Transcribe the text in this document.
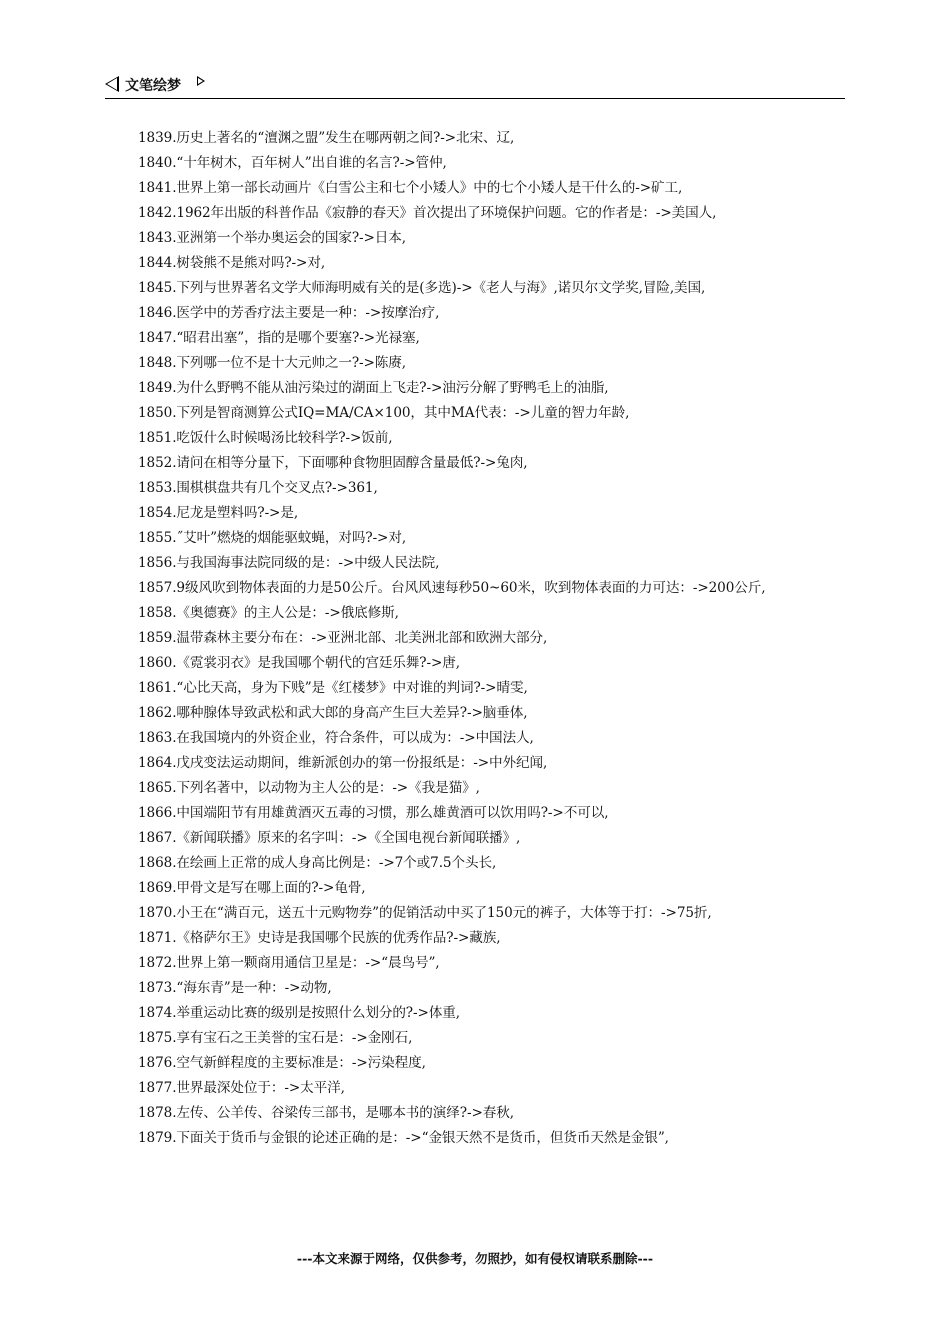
文笔绘梦

1839.历史上著名的“澶渊之盟”发生在哪两朝之间?->北宋、辽,

1840.“十年树木，百年树人”出自谁的名言?->管仲,

1841.世界上第一部长动画片《白雪公主和七个小矮人》中的七个小矮人是干什么的->矿工,

1842.1962年出版的科普作品《寂静的春天》首次提出了环境保护问题。它的作者是：->美国人,

1843.亚洲第一个举办奥运会的国家?->日本,

1844.树袋熊不是熊对吗?->对,

1845.下列与世界著名文学大师海明威有关的是(多选)->《老人与海》,诺贝尔文学奖,冒险,美国,

1846.医学中的芳香疗法主要是一种：->按摩治疗,

1847.“昭君出塞”，指的是哪个要塞?->光禄塞,

1848.下列哪一位不是十大元帅之一?->陈赓,

1849.为什么野鸭不能从油污染过的湖面上飞走?->油污分解了野鸭毛上的油脂,

1850.下列是智商测算公式IQ=MA/CA×100，其中MA代表：->儿童的智力年龄,

1851.吃饭什么时候喝汤比较科学?->饭前,

1852.请问在相等分量下，下面哪种食物胆固醇含量最低?->兔肉,

1853.围棋棋盘共有几个交叉点?->361,

1854.尼龙是塑料吗?->是,

1855.˝艾叶”燃烧的烟能驱蚊蝇，对吗?->对,

1856.与我国海事法院同级的是：->中级人民法院,

1857.9级风吹到物体表面的力是50公斤。台风风速每秒50~60米，吹到物体表面的力可达：->200公斤,

1858.《奥德赛》的主人公是：->俄底修斯,

1859.温带森林主要分布在：->亚洲北部、北美洲北部和欧洲大部分,

1860.《霓裳羽衣》是我国哪个朝代的宫廷乐舞?->唐,

1861.“心比天高，身为下贱”是《红楼梦》中对谁的判词?->晴雯,

1862.哪种腺体导致武松和武大郎的身高产生巨大差异?->脑垂体,

1863.在我国境内的外资企业，符合条件，可以成为：->中国法人,

1864.戊戌变法运动期间，维新派创办的第一份报纸是：->中外纪闻,

1865.下列名著中，以动物为主人公的是：->《我是猫》,

1866.中国端阳节有用雄黄酒灭五毒的习惯，那么雄黄酒可以饮用吗?->不可以,

1867.《新闻联播》原来的名字叫：->《全国电视台新闻联播》,

1868.在绘画上正常的成人身高比例是：->7个或7.5个头长,

1869.甲骨文是写在哪上面的?->龟骨,

1870.小王在“满百元，送五十元购物券”的促销活动中买了150元的裤子，大体等于打：->75折,

1871.《格萨尔王》史诗是我国哪个民族的优秀作品?->藏族,

1872.世界上第一颗商用通信卫星是：->“晨鸟号”,

1873.“海东青”是一种：->动物,

1874.举重运动比赛的级别是按照什么划分的?->体重,

1875.享有宝石之王美誉的宝石是：->金刚石,

1876.空气新鲜程度的主要标准是：->污染程度,

1877.世界最深处位于：->太平洋,

1878.左传、公羊传、谷梁传三部书，是哪本书的演绎?->春秋,

1879.下面关于货币与金银的论述正确的是：->“金银天然不是货币，但货币天然是金银”,

---本文来源于网络，仅供参考，勿照抄，如有侵权请联系删除---
